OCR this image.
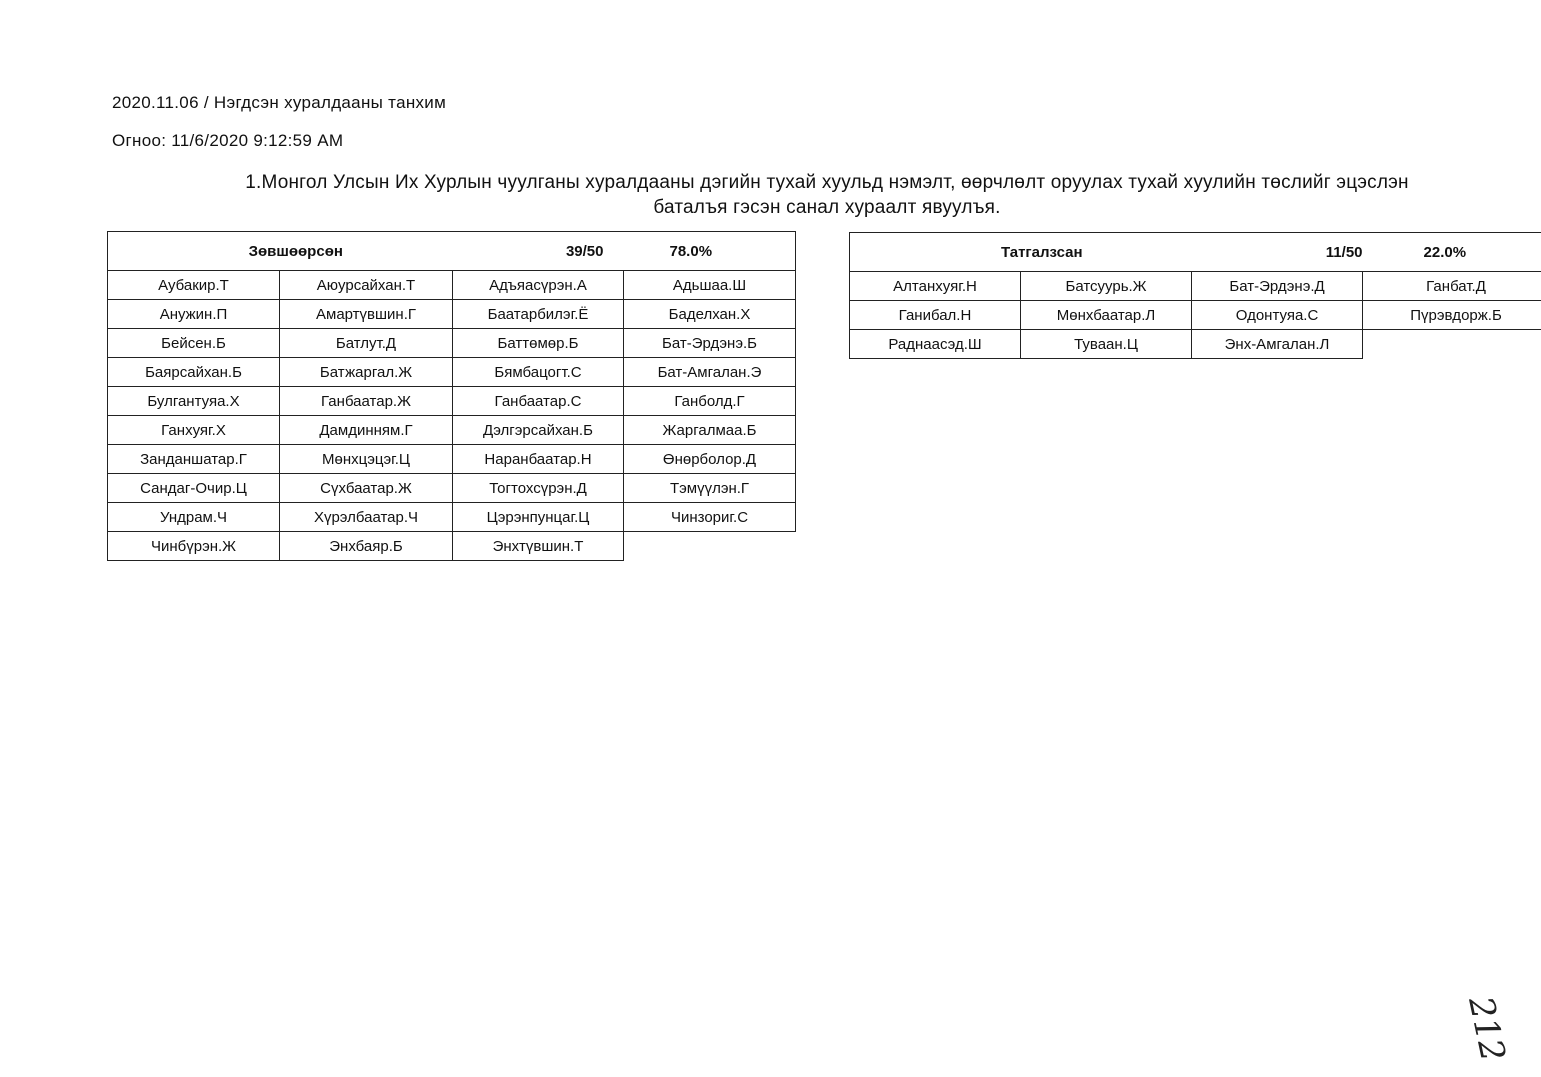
2020.11.06 / Нэгдсэн хуралдааны танхим
Огноо: 11/6/2020 9:12:59 AM
1.Монгол Улсын Их Хурлын чуулганы хуралдааны дэгийн тухай хуульд нэмэлт, өөрчлөлт оруулах тухай хуулийн төслийг эцэслэн
баталъя гэсэн санал хураалт явуулъя.
Зөвшөөрсөн		39/50	78.0%
Аубакир.Т	Аюурсайхан.Т	Адъяасүрэн.А	Адьшаа.Ш
Анужин.П	Амартүвшин.Г	Баатарбилэг.Ё	Баделхан.Х
Бейсен.Б	Батлут.Д	Баттөмөр.Б	Бат-Эрдэнэ.Б
Баярсайхан.Б	Батжаргал.Ж	Бямбацогт.С	Бат-Амгалан.Э
Булгантуяа.Х	Ганбаатар.Ж	Ганбаатар.С	Ганболд.Г
Ганхуяг.Х	Дамдинням.Г	Дэлгэрсайхан.Б	Жаргалмаа.Б
Занданшатар.Г	Мөнхцэцэг.Ц	Наранбаатар.Н	Өнөрболор.Д
Сандаг-Очир.Ц	Сүхбаатар.Ж	Тогтохсүрэн.Д	Тэмүүлэн.Г
Ундрам.Ч	Хүрэлбаатар.Ч	Цэрэнпунцаг.Ц	Чинзориг.С
Чинбүрэн.Ж	Энхбаяр.Б	Энхтүвшин.Т	
Татгалзсан		11/50	22.0%
Алтанхуяг.Н	Батсуурь.Ж	Бат-Эрдэнэ.Д	Ганбат.Д
Ганибал.Н	Мөнхбаатар.Л	Одонтуяа.С	Пүрэвдорж.Б
Раднаасэд.Ш	Туваан.Ц	Энх-Амгалан.Л	
212
